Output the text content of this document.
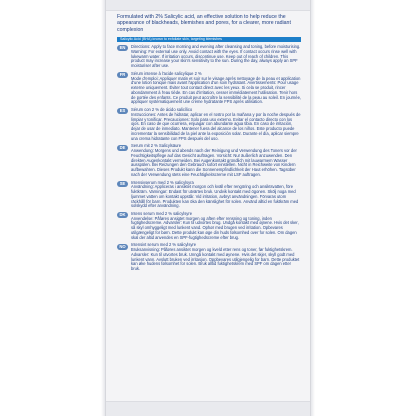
Formulated with 2% Salicylic acid, an effective solution to help reduce the appearance of blackheads, blemishes and pores, for a clearer, more radiant complexion

Salicylic Acid (BHA) known to exfoliate skin, targeting blemishes
EN	Directions: Apply to face morning and evening after cleansing and toning, before moisturising. Warning: For external use only. Avoid contact with the eyes. If contact occurs rinse well with lukewarm water. If irritation occurs, discontinue use. Keep out of reach of children. This product may increase your skin's sensitivity to the sun. During the day, always apply an SPF moisturiser after use.

FR	Sérum intense à l'acide salicylique 2 %

Mode d'emploi: Appliquer matin et soir sur le visage après nettoyage de la peau et application d'une lotion tonique mais avant l'application d'un soin hydratant. Avertissements: Pour usage externe uniquement. Éviter tout contact direct avec les yeux. Si cela se produit, rincer abondamment à l'eau tiède. En cas d'irritation, cesser immédiatement l'utilisation. Tenir hors de portée des enfants. Ce produit peut accroître la sensibilité de la peau au soleil. En journée, appliquer systématiquement une crème hydratante FPS après utilisation.

ES	Sérum con 2 % de ácido salicílico

Instrucciones: Antes de hidratar, aplicar en el rostro por la mañana y por la noche después de limpiar y tonificar. Precauciones: Solo para uso externo. Evitar el contacto directo con los ojos. En caso de que ocurriera, enjuagar con abundante agua tibia. En caso de irritación, dejar de usar de inmediato. Mantener fuera del alcance de los niños. Este producto puede incrementar la sensibilidad de la piel ante la exposición solar. Durante el día, aplicar siempre una crema hidratante con FPS después del uso.

DE	Serum mit 2 % Salicylsäure

Anwendung: Morgens und abends nach der Reinigung und Verwendung des Toners vor der Feuchtigkeitspflege auf das Gesicht auftragen. Vorsicht: Nur äußerlich anzuwenden. Den direkten Augenkontakt vermeiden. Bei Augenkontakt gründlich mit lauwarmem Wasser ausspülen. Bei Reizungen den Gebrauch sofort einstellen. Nicht in Reichweite von Kindern aufbewahren. Dieses Produkt kann die Sonnenempfindlichkeit der Haut erhöhen. Tagsüber nach der Verwendung stets eine Feuchtigkeitscreme mit LSF auftragen.

SE	Intensivserum med 2 % salicylsyra

Användning: Appliceras i ansiktet morgon och kväll efter rengöring och ansiktsvatten, före fuktkräm. Varningar: Endast för utvärtes bruk. Undvik kontakt med ögonen. Skölj noga med ljummet vatten om kontakt uppstår. Vid irritation, avbryt användningen. Förvaras utom räckhåll för barn. Produkten kan öka den känslighet för solen. Använd alltid en fuktkräm med solskydd efter användning.

DK	Intens serum med 2 % salicylsyre

Anvendelse: Påføres ansigtet morgen og aften efter rensning og toning, inden fugtighedscreme. Advarsler: Kun til udvortes brug. Undgå kontakt med øjnene. Hvis det sker, så skyl omhyggeligt med lunkent vand. Ophør med brugen ved irritation. Opbevares utilgængeligt for børn. Dette produkt kan øge din huds følsomhed over for solen. Om dagen skal der altid anvendes en SPF-fugtighedscreme efter brug.

NO	Intensivt serum med 2 % salicylsyre

Bruksanvisning: Påføres ansiktet morgen og kveld etter rens og toner, før fuktighetskrem. Advarsler: Kun til utvortes bruk. Unngå kontakt med øynene. Hvis det skjer, skyll godt med lunkent vann. Avslutt bruken ved irritasjon. Oppbevares utilgjengelig for barn. Dette produktet kan øke hudens følsomhet for solen. Bruk alltid fuktighetskrem med SPF om dagen etter bruk.
